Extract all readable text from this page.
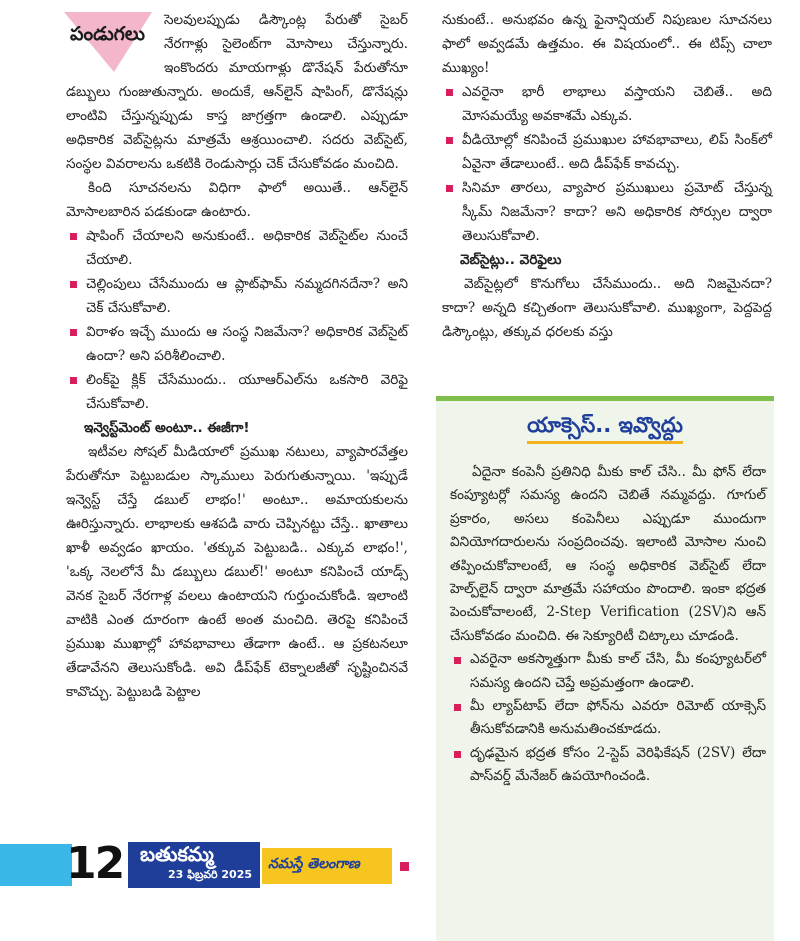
పండుగలు
సెలవులప్పుడు డిస్కౌంట్ల పేరుతో సైబర్ నేరగాళ్లు సైలెంట్‌గా మోసాలు చేస్తున్నారు. ఇంకొందరు మాయగాళ్లు డొనేషన్ పేరుతోనూ డబ్బులు గుంజుతున్నారు. అందుకే, ఆన్‌లైన్ షాపింగ్, డొనేషన్లు లాంటివి చేస్తున్నప్పుడు కాస్త జాగ్రత్తగా ఉండాలి. ఎప్పుడూ అధికారిక వెబ్‌సైట్లను మాత్రమే ఆశ్రయించాలి. సదరు వెబ్‌సైట్, సంస్థల వివరాలను ఒకటికి రెండుసార్లు చెక్ చేసుకోవడం మంచిది.

కింది సూచనలను విధిగా ఫాలో అయితే.. ఆన్‌లైన్ మోసాలబారిన పడకుండా ఉంటారు.

షాపింగ్ చేయాలని అనుకుంటే.. అధికారిక వెబ్‌సైట్‌ల నుంచే చేయాలి.
చెల్లింపులు చేసేముందు ఆ ప్లాట్‌ఫామ్ నమ్మదగినదేనా? అని చెక్ చేసుకోవాలి.
విరాళం ఇచ్చే ముందు ఆ సంస్థ నిజమేనా? అధికారిక వెబ్‌సైట్ ఉందా? అని పరిశీలించాలి.
లింక్‌పై క్లిక్ చేసేముందు.. యూఆర్‌ఎల్‌ను ఒకసారి వెరిఫై చేసుకోవాలి.
ఇన్వెస్ట్‌మెంట్ అంటూ.. ఈజీగా!

ఇటీవల సోషల్ మీడియాలో ప్రముఖ నటులు, వ్యాపారవేత్తల పేరుతోనూ పెట్టుబడుల స్కాములు పెరుగుతున్నాయి. 'ఇప్పుడే ఇన్వెస్ట్ చేస్తే డబుల్ లాభం!' అంటూ.. అమాయకులను ఊరిస్తున్నారు. లాభాలకు ఆశపడి వారు చెప్పినట్టు చేస్తే.. ఖాతాలు ఖాళీ అవ్వడం ఖాయం. 'తక్కువ పెట్టుబడి.. ఎక్కువ లాభం!', 'ఒక్క నెలలోనే మీ డబ్బులు డబుల్!' అంటూ కనిపించే యాడ్స్ వెనక సైబర్ నేరగాళ్ల వలలు ఉంటాయని గుర్తుంచుకోండి. ఇలాంటి వాటికి ఎంత దూరంగా ఉంటే అంత మంచిది. తెరపై కనిపించే ప్రముఖ ముఖాల్లో హావభావాలు తేడాగా ఉంటే.. ఆ ప్రకటనలూ తేడావేనని తెలుసుకోండి. అవి డీప్‌ఫేక్ టెక్నాలజీతో సృష్టించినవే కావొచ్చు. పెట్టుబడి పెట్టాల

నుకుంటే.. అనుభవం ఉన్న ఫైనాన్షియల్ నిపుణుల సూచనలు ఫాలో అవ్వడమే ఉత్తమం. ఈ విషయంలో.. ఈ టిప్స్ చాలా ముఖ్యం!

ఎవరైనా భారీ లాభాలు వస్తాయని చెబితే.. అది మోసమయ్యే అవకాశమే ఎక్కువ.
వీడియోల్లో కనిపించే ప్రముఖుల హావభావాలు, లిప్ సింక్‌లో ఏవైనా తేడాలుంటే.. అది డీప్‌ఫేక్ కావచ్చు.
సినిమా తారలు, వ్యాపార ప్రముఖులు ప్రమోట్ చేస్తున్న స్కీమ్ నిజమేనా? కాదా? అని అధికారిక సోర్సుల ద్వారా తెలుసుకోవాలి.
వెబ్‌సైట్లు.. వెరిఫైలు

వెబ్‌సైట్లలో కొనుగోలు చేసేముందు.. అది నిజమైనదా? కాదా? అన్నది కచ్చితంగా తెలుసుకోవాలి. ముఖ్యంగా, పెద్దపెద్ద డిస్కౌంట్లు, తక్కువ ధరలకు వస్తు

యాక్సెస్.. ఇవ్వొద్దు

ఏదైనా కంపెనీ ప్రతినిధి మీకు కాల్ చేసి.. మీ ఫోన్ లేదా కంప్యూటర్లో సమస్య ఉందని చెబితే నమ్మవద్దు. గూగుల్ ప్రకారం, అసలు కంపెనీలు ఎప్పుడూ ముందుగా వినియోగదారులను సంప్రదించవు. ఇలాంటి మోసాల నుంచి తప్పించుకోవాలంటే, ఆ సంస్థ అధికారిక వెబ్‌సైట్ లేదా హెల్ప్‌లైన్ ద్వారా మాత్రమే సహాయం పొందాలి. ఇంకా భద్రత పెంచుకోవాలంటే, 2-Step Verification (2SV)ని ఆన్ చేసుకోవడం మంచిది. ఈ సెక్యూరిటీ చిట్కాలు చూడండి.

ఎవరైనా అకస్మాత్తుగా మీకు కాల్ చేసి, మీ కంప్యూటర్‌లో సమస్య ఉందని చెప్తే అప్రమత్తంగా ఉండాలి.
మీ ల్యాప్‌టాప్ లేదా ఫోన్‌ను ఎవరూ రిమోట్ యాక్సెస్ తీసుకోవడానికి అనుమతించకూడదు.
దృఢమైన భద్రత కోసం 2-స్టెప్ వెరిఫికేషన్ (2SV) లేదా పాస్‌వర్డ్ మేనేజర్ ఉపయోగించండి.
12 బతుకమ్మ
23 ఫిబ్రవరి 2025
నమస్తే తెలంగాణ
